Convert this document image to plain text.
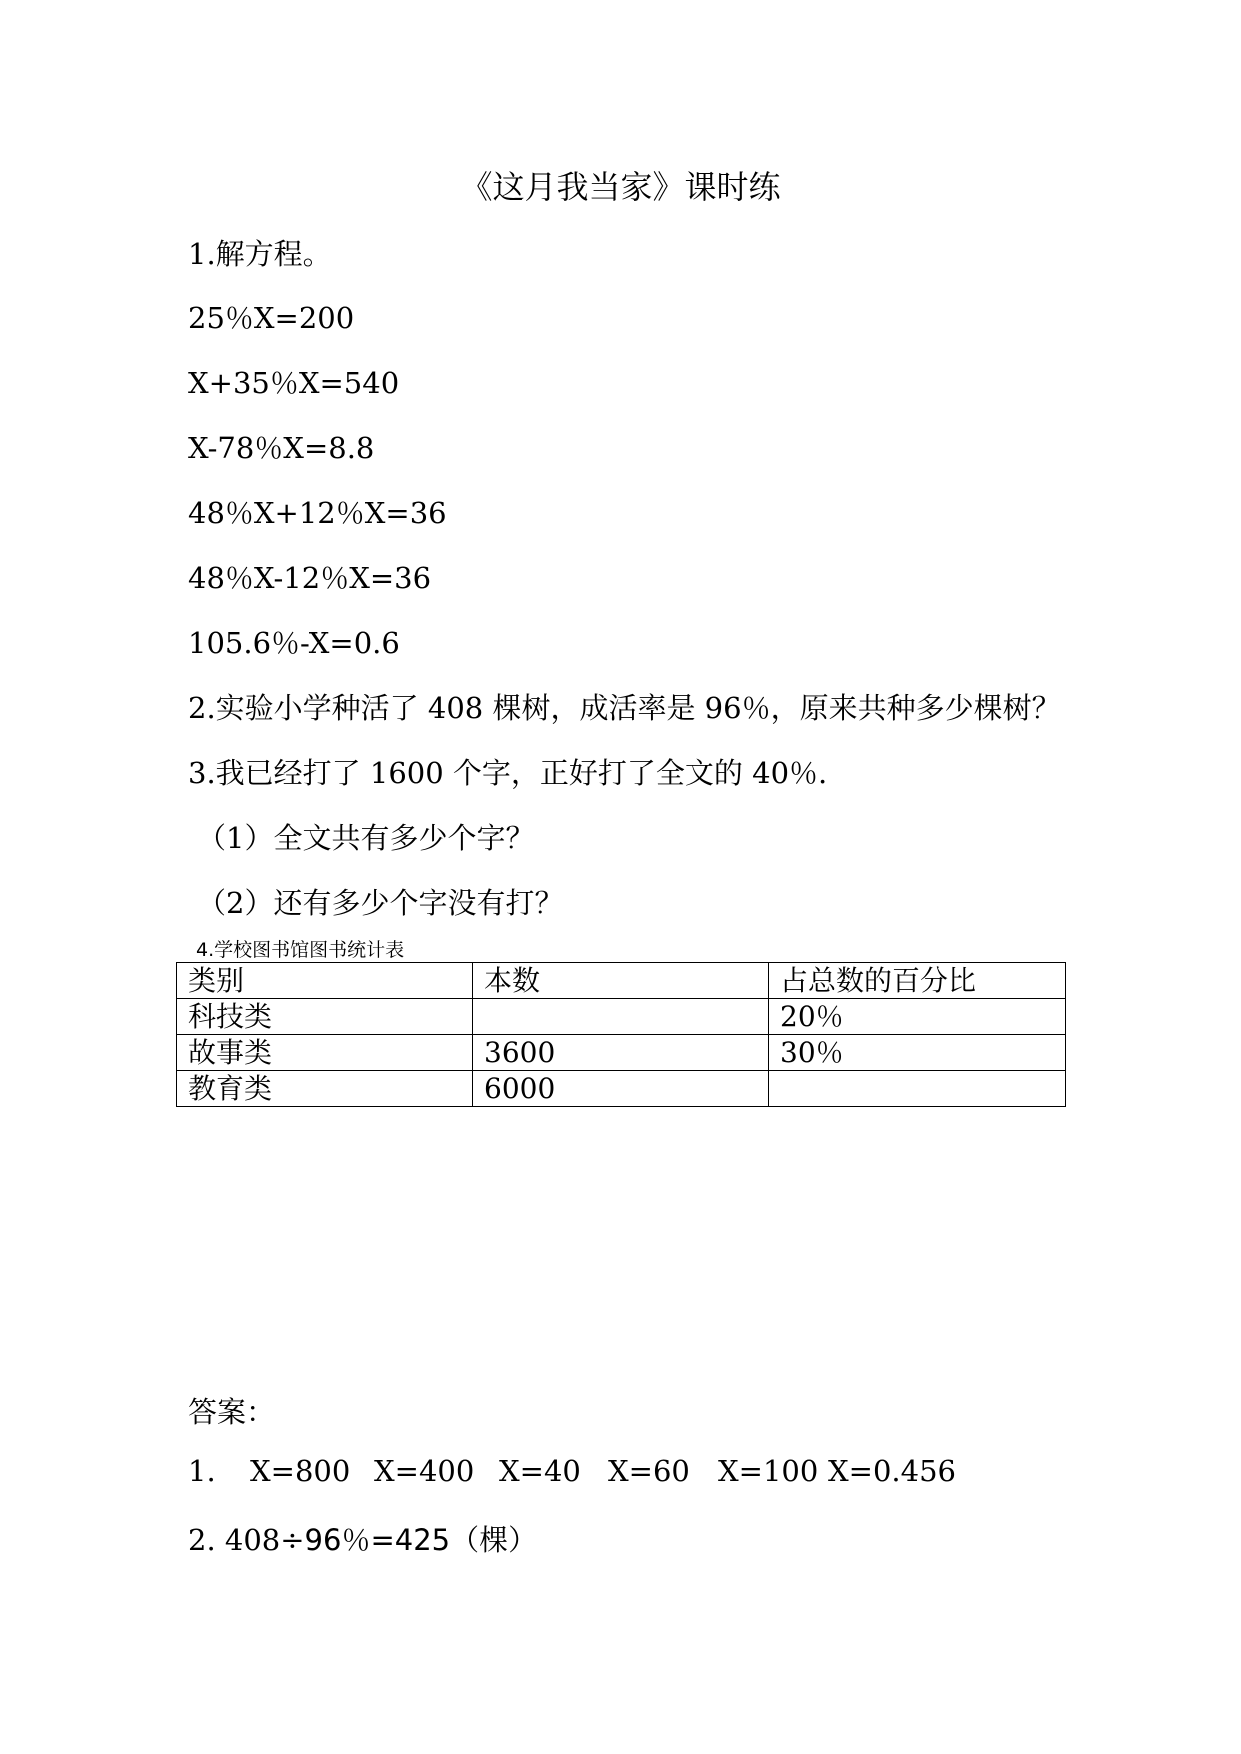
《这月我当家》课时练
1.解方程。
25％X=200
X+35％X=540
X-78％X=8.8
48％X+12％X=36
48％X-12％X=36
105.6％-X=0.6
2.实验小学种活了 408 棵树，成活率是 96％，原来共种多少棵树？
3.我已经打了 1600 个字，正好打了全文的 40％.
（1）全文共有多少个字？
（2）还有多少个字没有打？
4.学校图书馆图书统计表
类别	本数	占总数的百分比
科技类		20％
故事类	3600	30％
教育类	6000	
答案：
1. X=800 X=400 X=40 X=60 X=100 X=0.456
2. 408÷96％=425（棵）
